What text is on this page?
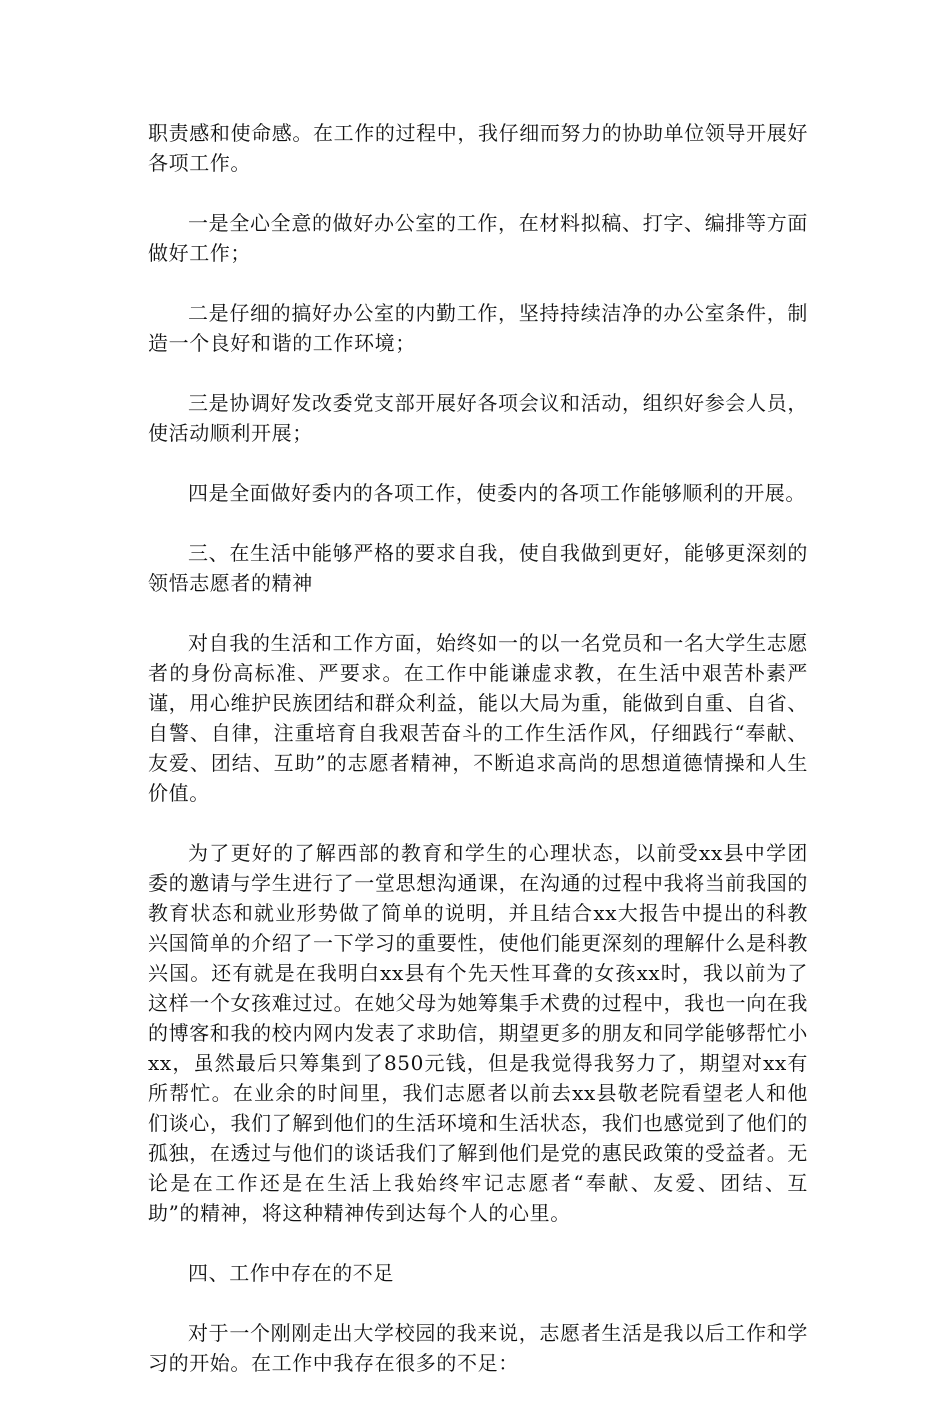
职责感和使命感。在工作的过程中，我仔细而努力的协助单位领导开展好各项工作。

一是全心全意的做好办公室的工作，在材料拟稿、打字、编排等方面做好工作；

二是仔细的搞好办公室的内勤工作，坚持持续洁净的办公室条件，制造一个良好和谐的工作环境；

三是协调好发改委党支部开展好各项会议和活动，组织好参会人员，使活动顺利开展；

四是全面做好委内的各项工作，使委内的各项工作能够顺利的开展。

三、在生活中能够严格的要求自我，使自我做到更好，能够更深刻的领悟志愿者的精神

对自我的生活和工作方面，始终如一的以一名党员和一名大学生志愿者的身份高标准、严要求。在工作中能谦虚求教，在生活中艰苦朴素严谨，用心维护民族团结和群众利益，能以大局为重，能做到自重、自省、自警、自律，注重培育自我艰苦奋斗的工作生活作风，仔细践行“奉献、友爱、团结、互助”的志愿者精神，不断追求高尚的思想道德情操和人生价值。

为了更好的了解西部的教育和学生的心理状态，以前受xx县中学团委的邀请与学生进行了一堂思想沟通课，在沟通的过程中我将当前我国的教育状态和就业形势做了简单的说明，并且结合xx大报告中提出的科教兴国简单的介绍了一下学习的重要性，使他们能更深刻的理解什么是科教兴国。还有就是在我明白xx县有个先天性耳聋的女孩xx时，我以前为了这样一个女孩难过过。在她父母为她筹集手术费的过程中，我也一向在我的博客和我的校内网内发表了求助信，期望更多的朋友和同学能够帮忙小xx，虽然最后只筹集到了850元钱，但是我觉得我努力了，期望对xx有所帮忙。在业余的时间里，我们志愿者以前去xx县敬老院看望老人和他们谈心，我们了解到他们的生活环境和生活状态，我们也感觉到了他们的孤独，在透过与他们的谈话我们了解到他们是党的惠民政策的受益者。无论是在工作还是在生活上我始终牢记志愿者“奉献、友爱、团结、互助”的精神，将这种精神传到达每个人的心里。

四、工作中存在的不足

对于一个刚刚走出大学校园的我来说，志愿者生活是我以后工作和学习的开始。在工作中我存在很多的不足：
